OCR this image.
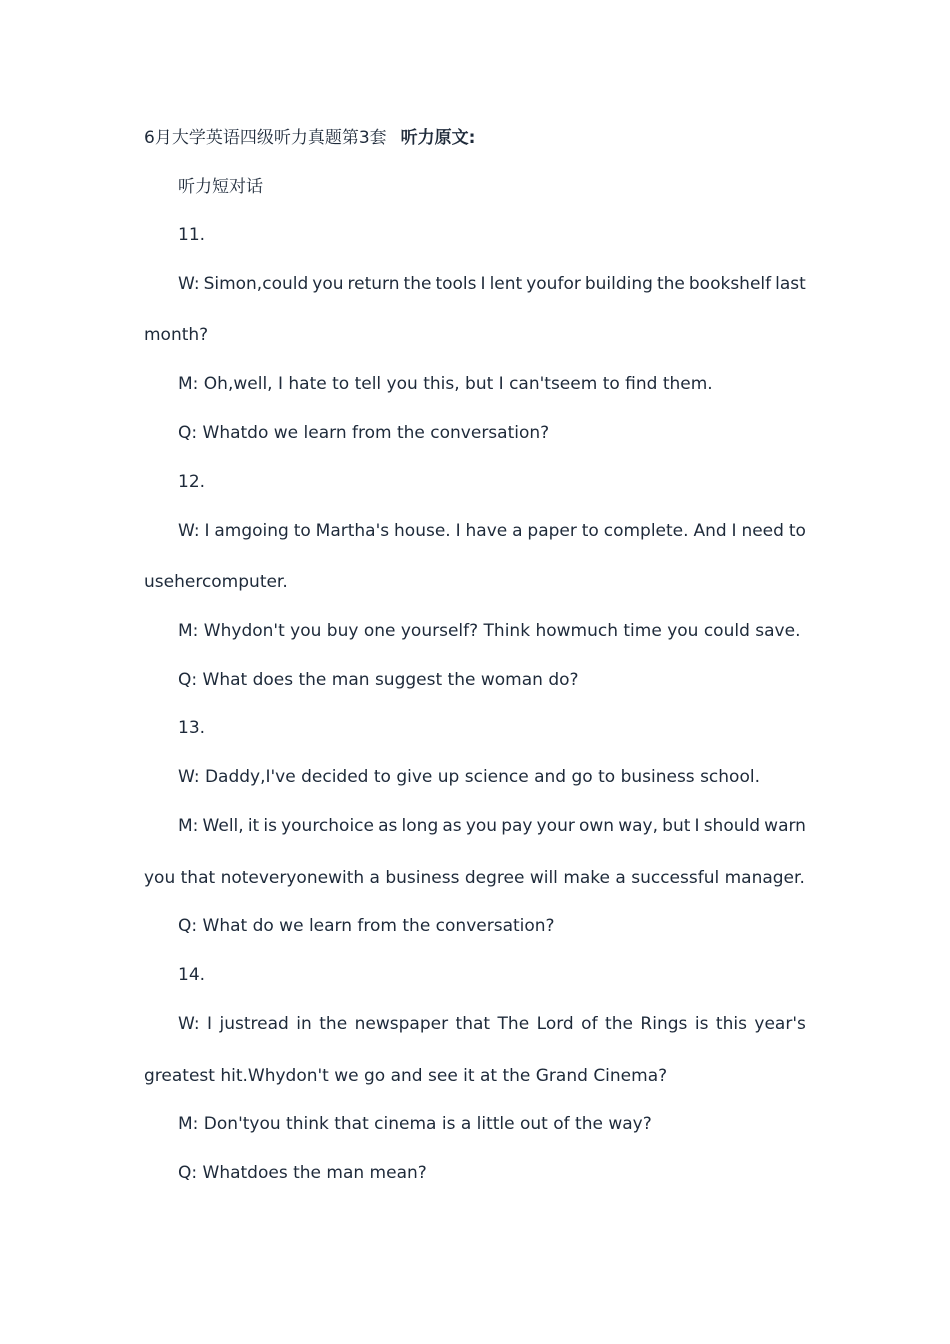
6月大学英语四级听力真题第3套 听力原文:
听力短对话
11.
W: Simon,could you return the tools I lent youfor building the bookshelf last
month?
M: Oh,well, I hate to tell you this, but I can'tseem to find them.
Q: Whatdo we learn from the conversation?
12.
W: I amgoing to Martha's house. I have a paper to complete. And I need to
usehercomputer.
M: Whydon't you buy one yourself? Think howmuch time you could save.
Q: What does the man suggest the woman do?
13.
W: Daddy,I've decided to give up science and go to business school.
M: Well, it is yourchoice as long as you pay your own way, but I should warn
you that noteveryonewith a business degree will make a successful manager.
Q: What do we learn from the conversation?
14.
W: I justread in the newspaper that The Lord of the Rings is this year's
greatest hit.Whydon't we go and see it at the Grand Cinema?
M: Don'tyou think that cinema is a little out of the way?
Q: Whatdoes the man mean?
